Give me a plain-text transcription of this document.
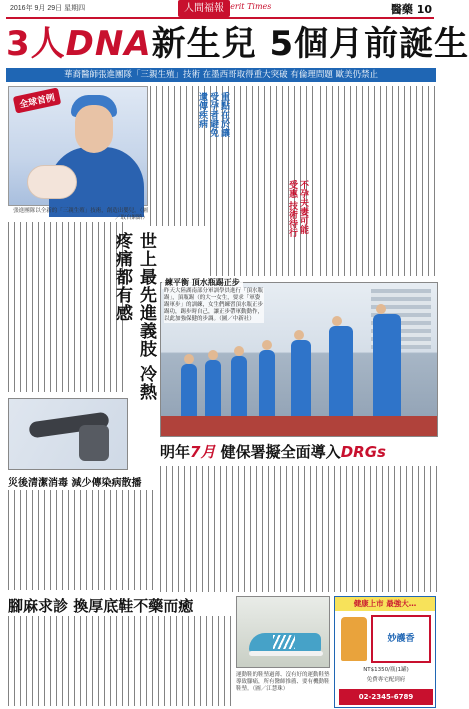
2016年 9月 29日 星期四	人間福報
Merit Times	醫藥 10
3人DNA新生兒 5個月前誕生
華裔醫師張進團隊「三親生殖」技術 在墨西哥取得重大突破 有倫理問題 歐美仍禁止
全球首例
張進團隊以全新的「三親生殖」技術，創造出嬰兒。（圖／取自網路）
重點在於讓受孕者避免遺傳疾病
不孕夫妻可能受惠 技術待行
世上最先進義肢 冷熱疼痛都有感	練平衡 頂水瓶踢正步
昨天大陸湖南部分軍訓學員進行「頂水瓶踢」，頂瓶踢（的大一女生，要求「軍姿踢軍步」的訓練，女生們練習頂水瓶正步踢功，踢步時自己，讓正步帶軍動動作，以此加強保健的步調。（圖／中新社）
明年7月 健保署擬全面導入DRGs
災後清潔消毒 減少傳染病散播
腳麻求診 換厚底鞋不藥而癒
運動鞋的鞋墊過薄、沒有好的運動鞋墊導致腳痛，所有醫師推薦、要有機動鞋鞋墊。（圖／江慧珠）
健康上市 最強大…
妙護香
NT$1350/瓶(1罐)
免費專宅配到府
02-2345-6789
